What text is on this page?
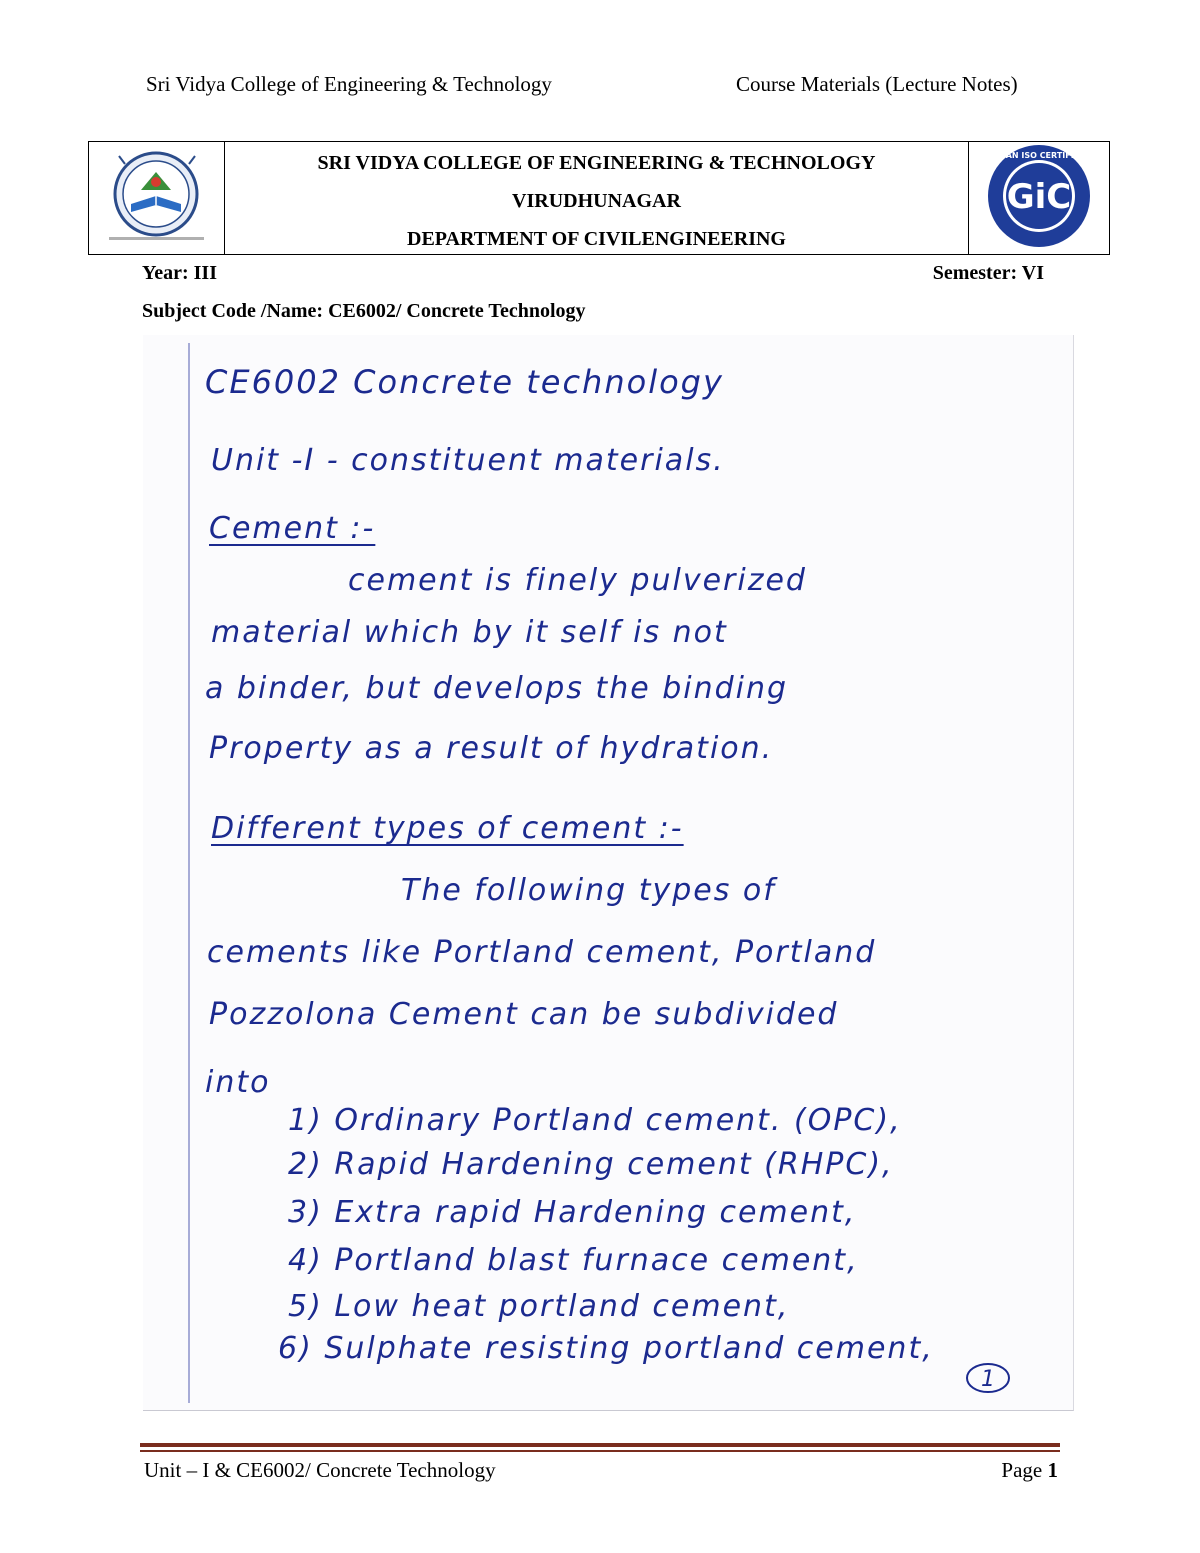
Sri Vidya College of Engineering & Technology	Course Materials (Lecture Notes)
SRI VIDYA COLLEGE OF ENGINEERING & TECHNOLOGY
VIRUDHUNAGAR
DEPARTMENT OF CIVILENGINEERING
GiC
GUARDIAN ISO CERTIFICATION
Year: III	Semester: VI
Subject Code /Name: CE6002/ Concrete Technology
CE6002 Concrete technology
Unit -I - constituent materials.
Cement :-
cement is finely pulverized
material which by it self is not
a binder, but develops the binding
Property as a result of hydration.
Different types of cement :-
The following types of
cements like Portland cement, Portland
Pozzolona Cement can be subdivided
into
1) Ordinary Portland cement. (OPC),
2) Rapid Hardening cement (RHPC),
3) Extra rapid Hardening cement,
4) Portland blast furnace cement,
5) Low heat portland cement,
6) Sulphate resisting portland cement,
1
Unit – I & CE6002/ Concrete Technology	Page 1
